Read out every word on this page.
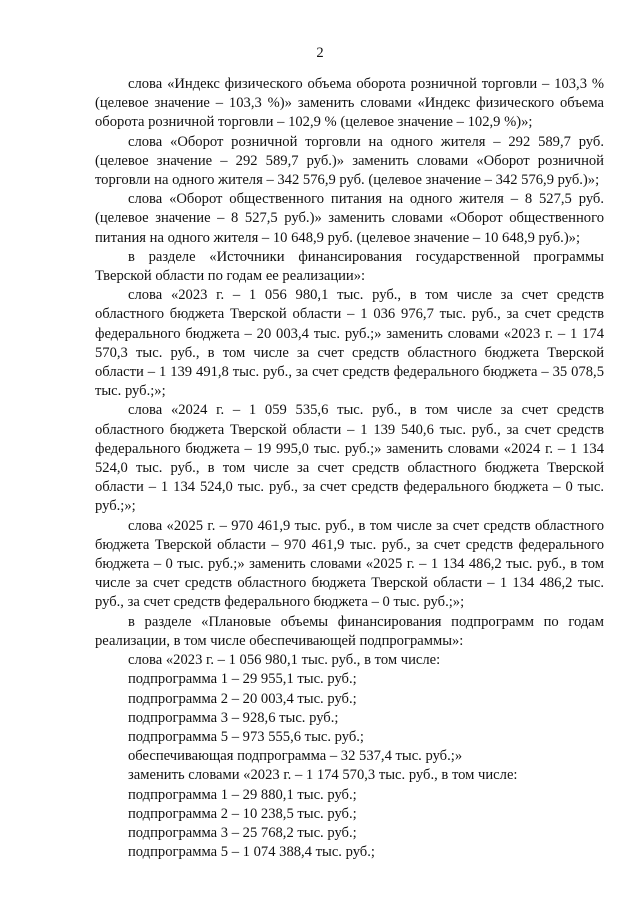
2

слова «Индекс физического объема оборота розничной торговли – 103,3 % (целевое значение – 103,3 %)» заменить словами «Индекс физического объема оборота розничной торговли – 102,9 % (целевое значение – 102,9 %)»;

слова «Оборот розничной торговли на одного жителя – 292 589,7 руб. (целевое значение – 292 589,7 руб.)» заменить словами «Оборот розничной торговли на одного жителя – 342 576,9 руб. (целевое значение – 342 576,9 руб.)»;

слова «Оборот общественного питания на одного жителя – 8 527,5 руб. (целевое значение – 8 527,5 руб.)» заменить словами «Оборот общественного питания на одного жителя – 10 648,9 руб. (целевое значение – 10 648,9 руб.)»;

в разделе «Источники финансирования государственной программы Тверской области по годам ее реализации»:

слова «2023 г. – 1 056 980,1 тыс. руб., в том числе за счет средств областного бюджета Тверской области – 1 036 976,7 тыс. руб., за счет средств федерального бюджета – 20 003,4 тыс. руб.;» заменить словами «2023 г. – 1 174 570,3 тыс. руб., в том числе за счет средств областного бюджета Тверской области – 1 139 491,8 тыс. руб., за счет средств федерального бюджета – 35 078,5 тыс. руб.;»;

слова «2024 г. – 1 059 535,6 тыс. руб., в том числе за счет средств областного бюджета Тверской области – 1 139 540,6 тыс. руб., за счет средств федерального бюджета – 19 995,0 тыс. руб.;» заменить словами «2024 г. – 1 134 524,0 тыс. руб., в том числе за счет средств областного бюджета Тверской области – 1 134 524,0 тыс. руб., за счет средств федерального бюджета – 0 тыс. руб.;»;

слова «2025 г. – 970 461,9 тыс. руб., в том числе за счет средств областного бюджета Тверской области – 970 461,9 тыс. руб., за счет средств федерального бюджета – 0 тыс. руб.;» заменить словами «2025 г. – 1 134 486,2 тыс. руб., в том числе за счет средств областного бюджета Тверской области – 1 134 486,2 тыс. руб., за счет средств федерального бюджета – 0 тыс. руб.;»;

в разделе «Плановые объемы финансирования подпрограмм по годам реализации, в том числе обеспечивающей подпрограммы»:

слова «2023 г. – 1 056 980,1 тыс. руб., в том числе:

подпрограмма 1 – 29 955,1 тыс. руб.;

подпрограмма 2 – 20 003,4 тыс. руб.;

подпрограмма 3 – 928,6 тыс. руб.;

подпрограмма 5 – 973 555,6 тыс. руб.;

обеспечивающая подпрограмма – 32 537,4 тыс. руб.;»

заменить словами «2023 г. – 1 174 570,3 тыс. руб., в том числе:

подпрограмма 1 – 29 880,1 тыс. руб.;

подпрограмма 2 – 10 238,5 тыс. руб.;

подпрограмма 3 – 25 768,2 тыс. руб.;

подпрограмма 5 – 1 074 388,4 тыс. руб.;
